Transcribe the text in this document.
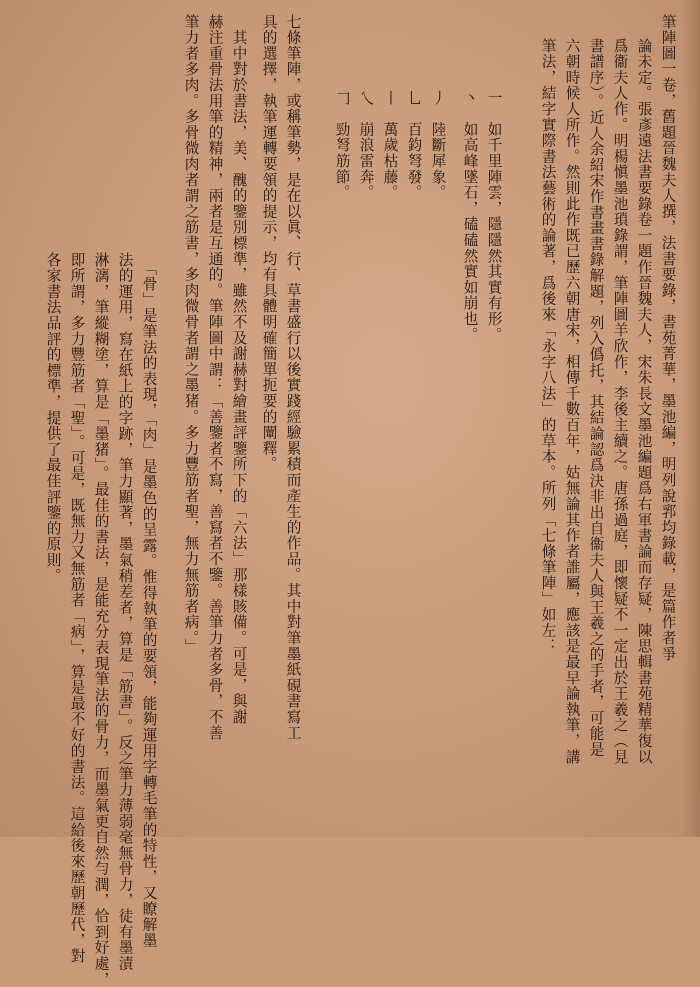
筆陣圖一卷，舊題晉魏夫人撰，法書要錄，書苑菁華，墨池編，明列說郛均錄載，是篇作者爭
論未定。張彥遠法書要錄卷一題作晉魏夫人，宋朱長文墨池編題爲右軍書論而存疑，陳思輯書苑精華復以
爲衞夫人作。明楊愼墨池瑣錄謂，筆陣圖羊欣作，李後主續之。唐孫過庭，即懷疑不一定出於王羲之（見
書譜序）。近人余紹宋作書畫書錄解題，列入僞托，其結論認爲決非出自衞夫人與王羲之的手者，可能是
六朝時候人所作。然則此作既已歷六朝唐宋，相傳千數百年，姑無論其作者誰屬，應該是最早論執筆，講
筆法，結字實際書法藝術的論著，爲後來「永字八法」的草本。所列「七條筆陣」如左：
一　如千里陣雲，隱隱然其實有形。
丶　如高峰墜石，磕磕然實如崩也。
丿　陸斷犀象。
乚　百鈞弩發。
丨　萬歲枯藤。
乀　崩浪雷奔。
𠃌　勁弩筋節。
七條筆陣，或稱筆勢，是在以眞、行、草書盛行以後實踐經驗累積而產生的作品。其中對筆墨紙硯書寫工
具的選擇，執筆運轉要領的提示，均有具體明確簡單扼要的闡釋。
　其中對於書法，美、醜的鑒別標準，雖然不及謝赫對繪畫評鑒所下的「六法」那樣賅備。可是，與謝
赫注重骨法用筆的精神，兩者是互通的。筆陣圖中謂：「善鑒者不寫，善寫者不鑒。善筆力者多骨，不善
筆力者多肉。多骨微肉者謂之筋書，多肉微骨者謂之墨猪。多力豐筋者聖，無力無筋者病。」
　「骨」是筆法的表現，「肉」是墨色的呈露。惟得執筆的要領，能夠運用字轉毛筆的特性，又瞭解墨
法的運用，寫在紙上的字跡，筆力顯著，墨氣稍差者，算是「筋書」。反之筆力薄弱毫無骨力，徒有墨漬
淋漓，筆縱糊塗，算是「墨猪」。最佳的書法，是能充分表現筆法的骨力，而墨氣更自然勻潤，恰到好處，
即所謂，多力豐筋者「聖」。可是，既無力又無筋者「病」，算是最不好的書法。這給後來歷朝歷代，對
各家書法品評的標準，提供了最佳評鑒的原則。
